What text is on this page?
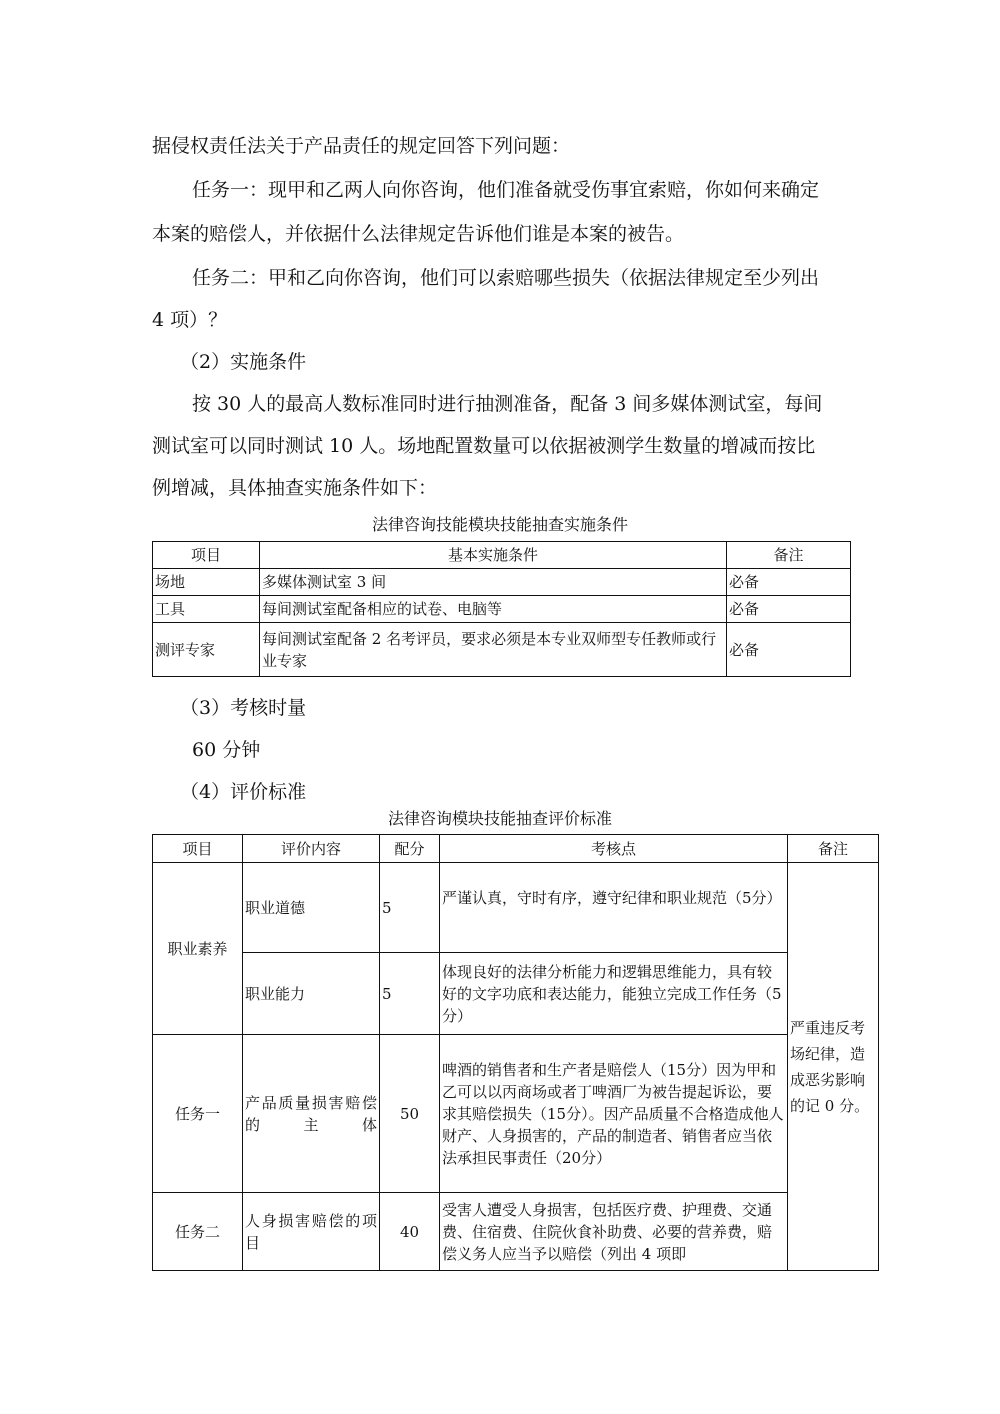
据侵权责任法关于产品责任的规定回答下列问题：
任务一：现甲和乙两人向你咨询，他们准备就受伤事宜索赔，你如何来确定
本案的赔偿人，并依据什么法律规定告诉他们谁是本案的被告。
任务二：甲和乙向你咨询，他们可以索赔哪些损失（依据法律规定至少列出
4 项）？
（2）实施条件
按 30 人的最高人数标准同时进行抽测准备，配备 3 间多媒体测试室，每间
测试室可以同时测试 10 人。场地配置数量可以依据被测学生数量的增减而按比
例增减，具体抽查实施条件如下：
法律咨询技能模块技能抽查实施条件
项目	基本实施条件	备注
场地	多媒体测试室 3 间	必备
工具	每间测试室配备相应的试卷、电脑等	必备
测评专家	每间测试室配备 2 名考评员，要求必须是本专业双师型专任教师或行业专家	必备
（3）考核时量
60 分钟
（4）评价标准
法律咨询模块技能抽查评价标准
项目	评价内容	配分	考核点	备注
职业素养	职业道德	5	严谨认真，守时有序，遵守纪律和职业规范（5分）	严重违反考场纪律，造成恶劣影响的记 0 分。
	职业能力	5	体现良好的法律分析能力和逻辑思维能力，具有较好的文字功底和表达能力，能独立完成工作任务（5分）	
任务一	产品质量损害赔偿的主体	50	啤酒的销售者和生产者是赔偿人（15分）因为甲和乙可以以丙商场或者丁啤酒厂为被告提起诉讼，要求其赔偿损失（15分）。因产品质量不合格造成他人财产、人身损害的，产品的制造者、销售者应当依法承担民事责任（20分）	
任务二	人身损害赔偿的项目	40	受害人遭受人身损害，包括医疗费、护理费、交通费、住宿费、住院伙食补助费、必要的营养费，赔偿义务人应当予以赔偿（列出 4 项即	
